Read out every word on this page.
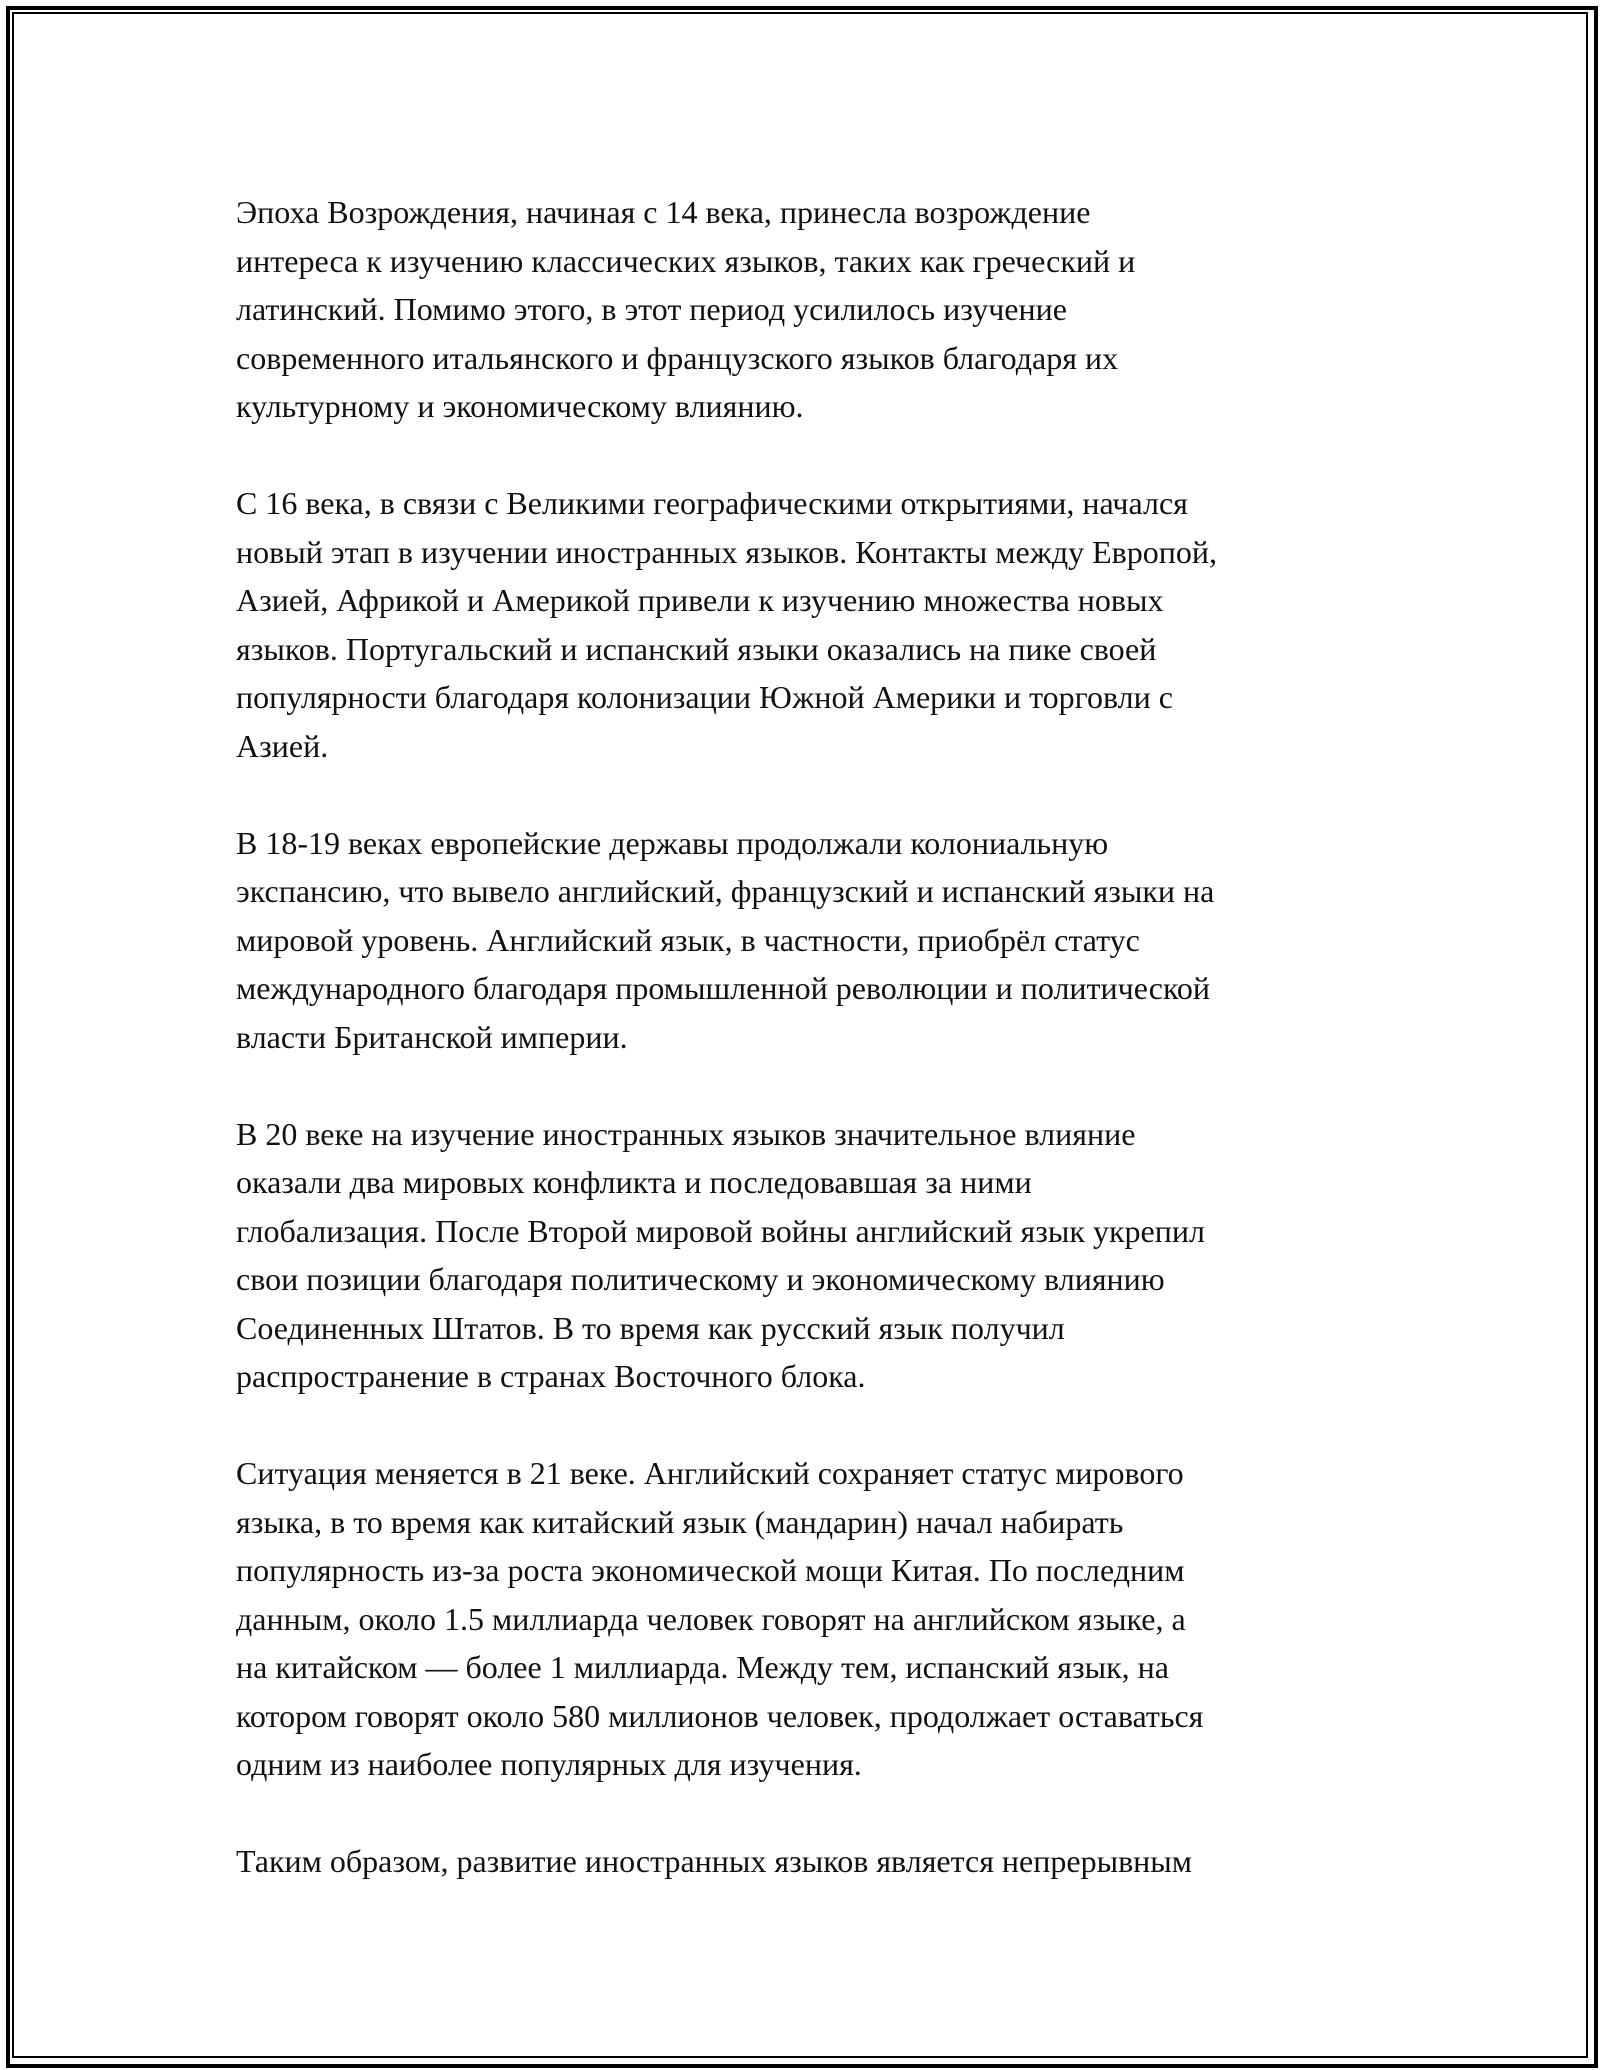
Эпоха Возрождения, начиная с 14 века, принесла возрождение
интереса к изучению классических языков, таких как греческий и
латинский. Помимо этого, в этот период усилилось изучение
современного итальянского и французского языков благодаря их
культурному и экономическому влиянию.

С 16 века, в связи с Великими географическими открытиями, начался
новый этап в изучении иностранных языков. Контакты между Европой,
Азией, Африкой и Америкой привели к изучению множества новых
языков. Португальский и испанский языки оказались на пике своей
популярности благодаря колонизации Южной Америки и торговли с
Азией.

В 18-19 веках европейские державы продолжали колониальную
экспансию, что вывело английский, французский и испанский языки на
мировой уровень. Английский язык, в частности, приобрёл статус
международного благодаря промышленной революции и политической
власти Британской империи.

В 20 веке на изучение иностранных языков значительное влияние
оказали два мировых конфликта и последовавшая за ними
глобализация. После Второй мировой войны английский язык укрепил
свои позиции благодаря политическому и экономическому влиянию
Соединенных Штатов. В то время как русский язык получил
распространение в странах Восточного блока.

Ситуация меняется в 21 веке. Английский сохраняет статус мирового
языка, в то время как китайский язык (мандарин) начал набирать
популярность из-за роста экономической мощи Китая. По последним
данным, около 1.5 миллиарда человек говорят на английском языке, а
на китайском — более 1 миллиарда. Между тем, испанский язык, на
котором говорят около 580 миллионов человек, продолжает оставаться
одним из наиболее популярных для изучения.

Таким образом, развитие иностранных языков является непрерывным
